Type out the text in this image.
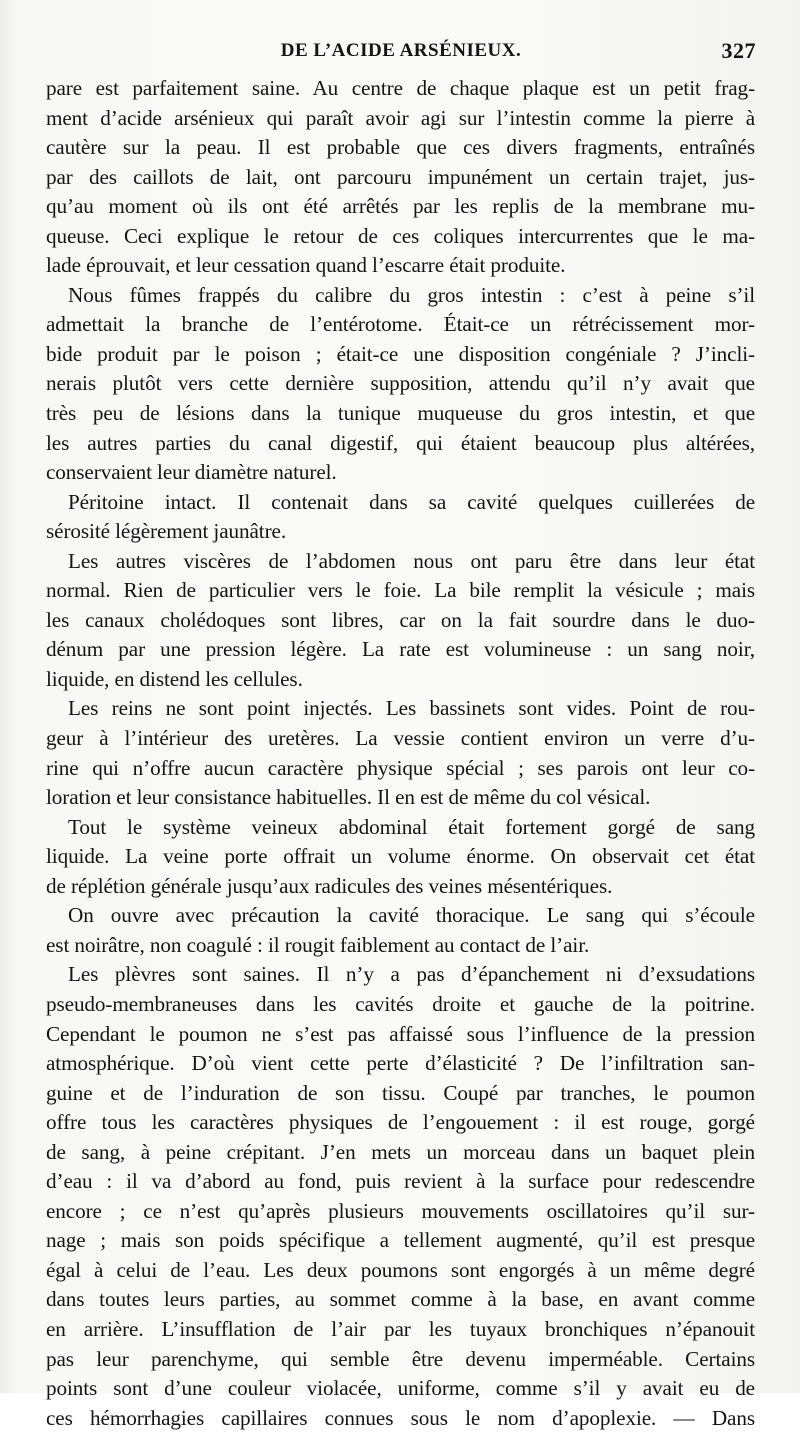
DE L’ACIDE ARSÉNIEUX.	327
pare est parfaitement saine. Au centre de chaque plaque est un petit frag-
ment d’acide arsénieux qui paraît avoir agi sur l’intestin comme la pierre à
cautère sur la peau. Il est probable que ces divers fragments, entraînés
par des caillots de lait, ont parcouru impunément un certain trajet, jus-
qu’au moment où ils ont été arrêtés par les replis de la membrane mu-
queuse. Ceci explique le retour de ces coliques intercurrentes que le ma-
lade éprouvait, et leur cessation quand l’escarre était produite.
Nous fûmes frappés du calibre du gros intestin : c’est à peine s’il
admettait la branche de l’entérotome. Était-ce un rétrécissement mor-
bide produit par le poison ; était-ce une disposition congéniale ? J’incli-
nerais plutôt vers cette dernière supposition, attendu qu’il n’y avait que
très peu de lésions dans la tunique muqueuse du gros intestin, et que
les autres parties du canal digestif, qui étaient beaucoup plus altérées,
conservaient leur diamètre naturel.
Péritoine intact. Il contenait dans sa cavité quelques cuillerées de
sérosité légèrement jaunâtre.
Les autres viscères de l’abdomen nous ont paru être dans leur état
normal. Rien de particulier vers le foie. La bile remplit la vésicule ; mais
les canaux cholédoques sont libres, car on la fait sourdre dans le duo-
dénum par une pression légère. La rate est volumineuse : un sang noir,
liquide, en distend les cellules.
Les reins ne sont point injectés. Les bassinets sont vides. Point de rou-
geur à l’intérieur des uretères. La vessie contient environ un verre d’u-
rine qui n’offre aucun caractère physique spécial ; ses parois ont leur co-
loration et leur consistance habituelles. Il en est de même du col vésical.
Tout le système veineux abdominal était fortement gorgé de sang
liquide. La veine porte offrait un volume énorme. On observait cet état
de réplétion générale jusqu’aux radicules des veines mésentériques.
On ouvre avec précaution la cavité thoracique. Le sang qui s’écoule
est noirâtre, non coagulé : il rougit faiblement au contact de l’air.
Les plèvres sont saines. Il n’y a pas d’épanchement ni d’exsudations
pseudo-membraneuses dans les cavités droite et gauche de la poitrine.
Cependant le poumon ne s’est pas affaissé sous l’influence de la pression
atmosphérique. D’où vient cette perte d’élasticité ? De l’infiltration san-
guine et de l’induration de son tissu. Coupé par tranches, le poumon
offre tous les caractères physiques de l’engouement : il est rouge, gorgé
de sang, à peine crépitant. J’en mets un morceau dans un baquet plein
d’eau : il va d’abord au fond, puis revient à la surface pour redescendre
encore ; ce n’est qu’après plusieurs mouvements oscillatoires qu’il sur-
nage ; mais son poids spécifique a tellement augmenté, qu’il est presque
égal à celui de l’eau. Les deux poumons sont engorgés à un même degré
dans toutes leurs parties, au sommet comme à la base, en avant comme
en arrière. L’insufflation de l’air par les tuyaux bronchiques n’épanouit
pas leur parenchyme, qui semble être devenu imperméable. Certains
points sont d’une couleur violacée, uniforme, comme s’il y avait eu de
ces hémorrhagies capillaires connues sous le nom d’apoplexie. — Dans
